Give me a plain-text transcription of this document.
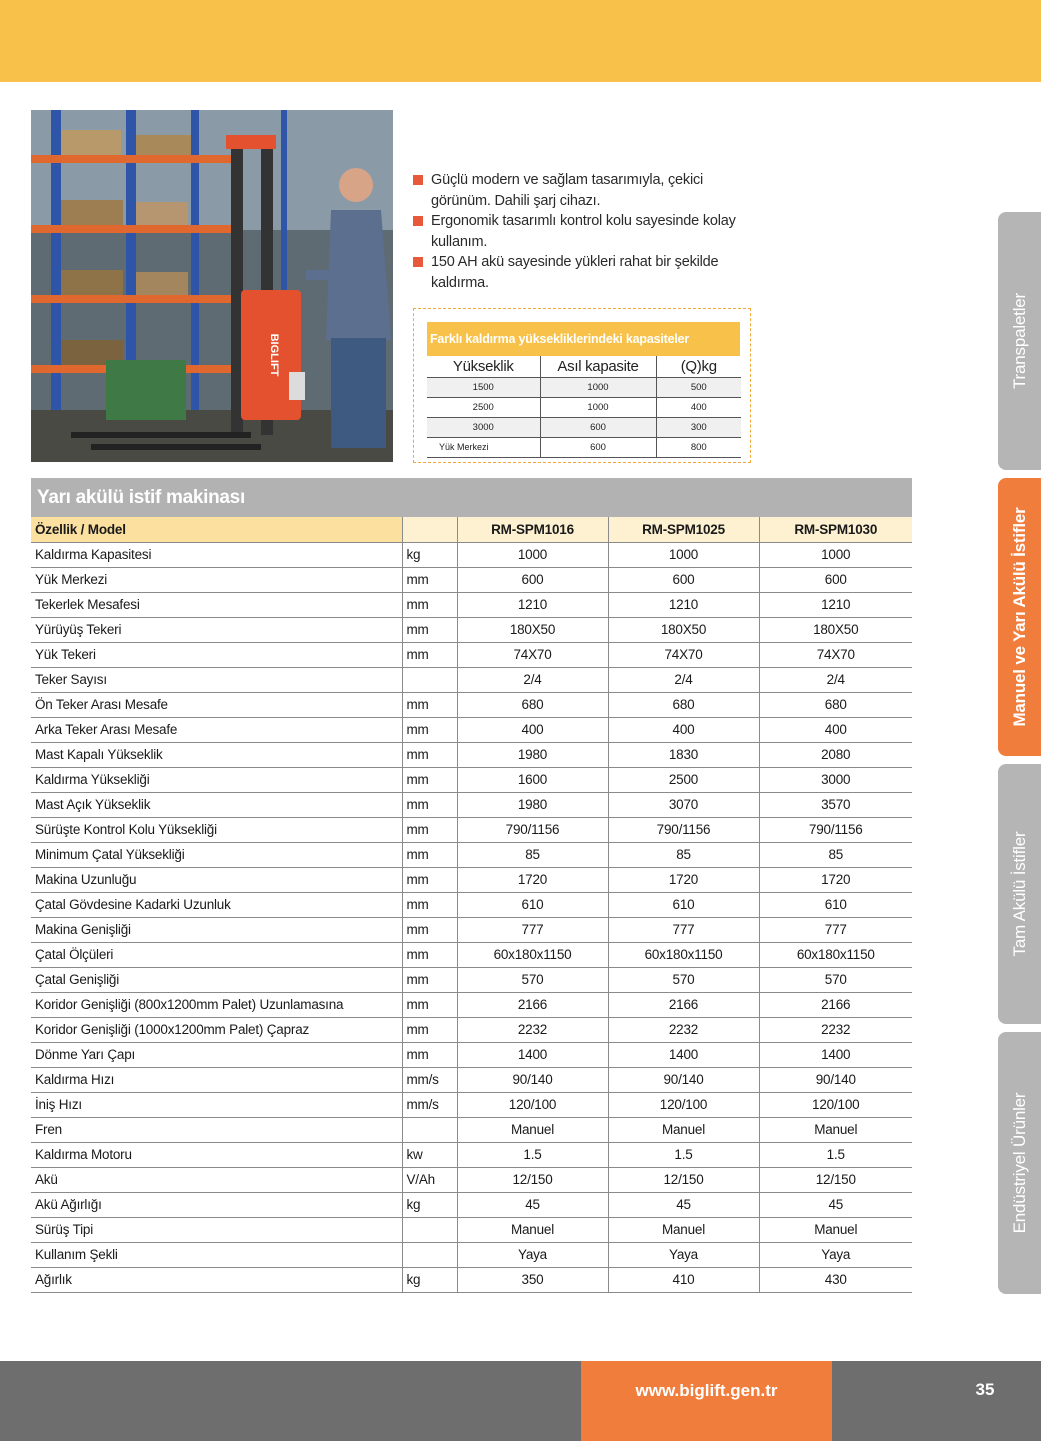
BIGLIFT
Güçlü modern ve sağlam tasarımıyla, çekici görünüm. Dahili şarj cihazı.
Ergonomik tasarımlı kontrol kolu sayesinde kolay kullanım.
150 AH akü sayesinde yükleri rahat bir şekilde kaldırma.
Farklı kaldırma yüksekliklerindeki kapasiteler
Yükseklik	Asıl kapasite	(Q)kg
1500	1000	500
2500	1000	400
3000	600	300
Yük Merkezi	600	800
Yarı akülü istif makinası
Özellik / Model		RM-SPM1016	RM-SPM1025	RM-SPM1030
Kaldırma Kapasitesi	kg	1000	1000	1000
Yük Merkezi	mm	600	600	600
Tekerlek Mesafesi	mm	1210	1210	1210
Yürüyüş Tekeri	mm	180X50	180X50	180X50
Yük Tekeri	mm	74X70	74X70	74X70
Teker Sayısı		2/4	2/4	2/4
Ön Teker Arası Mesafe	mm	680	680	680
Arka Teker Arası Mesafe	mm	400	400	400
Mast Kapalı Yükseklik	mm	1980	1830	2080
Kaldırma Yüksekliği	mm	1600	2500	3000
Mast Açık Yükseklik	mm	1980	3070	3570
Sürüşte Kontrol Kolu Yüksekliği	mm	790/1156	790/1156	790/1156
Minimum Çatal Yüksekliği	mm	85	85	85
Makina Uzunluğu	mm	1720	1720	1720
Çatal Gövdesine Kadarki Uzunluk	mm	610	610	610
Makina Genişliği	mm	777	777	777
Çatal Ölçüleri	mm	60x180x1150	60x180x1150	60x180x1150
Çatal Genişliği	mm	570	570	570
Koridor Genişliği (800x1200mm Palet) Uzunlamasına	mm	2166	2166	2166
Koridor Genişliği (1000x1200mm Palet) Çapraz	mm	2232	2232	2232
Dönme Yarı Çapı	mm	1400	1400	1400
Kaldırma Hızı	mm/s	90/140	90/140	90/140
İniş Hızı	mm/s	120/100	120/100	120/100
Fren		Manuel	Manuel	Manuel
Kaldırma Motoru	kw	1.5	1.5	1.5
Akü	V/Ah	12/150	12/150	12/150
Akü Ağırlığı	kg	45	45	45
Sürüş Tipi		Manuel	Manuel	Manuel
Kullanım Şekli		Yaya	Yaya	Yaya
Ağırlık	kg	350	410	430
Transpaletler
Manuel ve Yarı Akülü İstifler
Tam Akülü İstifler
Endüstriyel Ürünler
www.biglift.gen.tr	35
